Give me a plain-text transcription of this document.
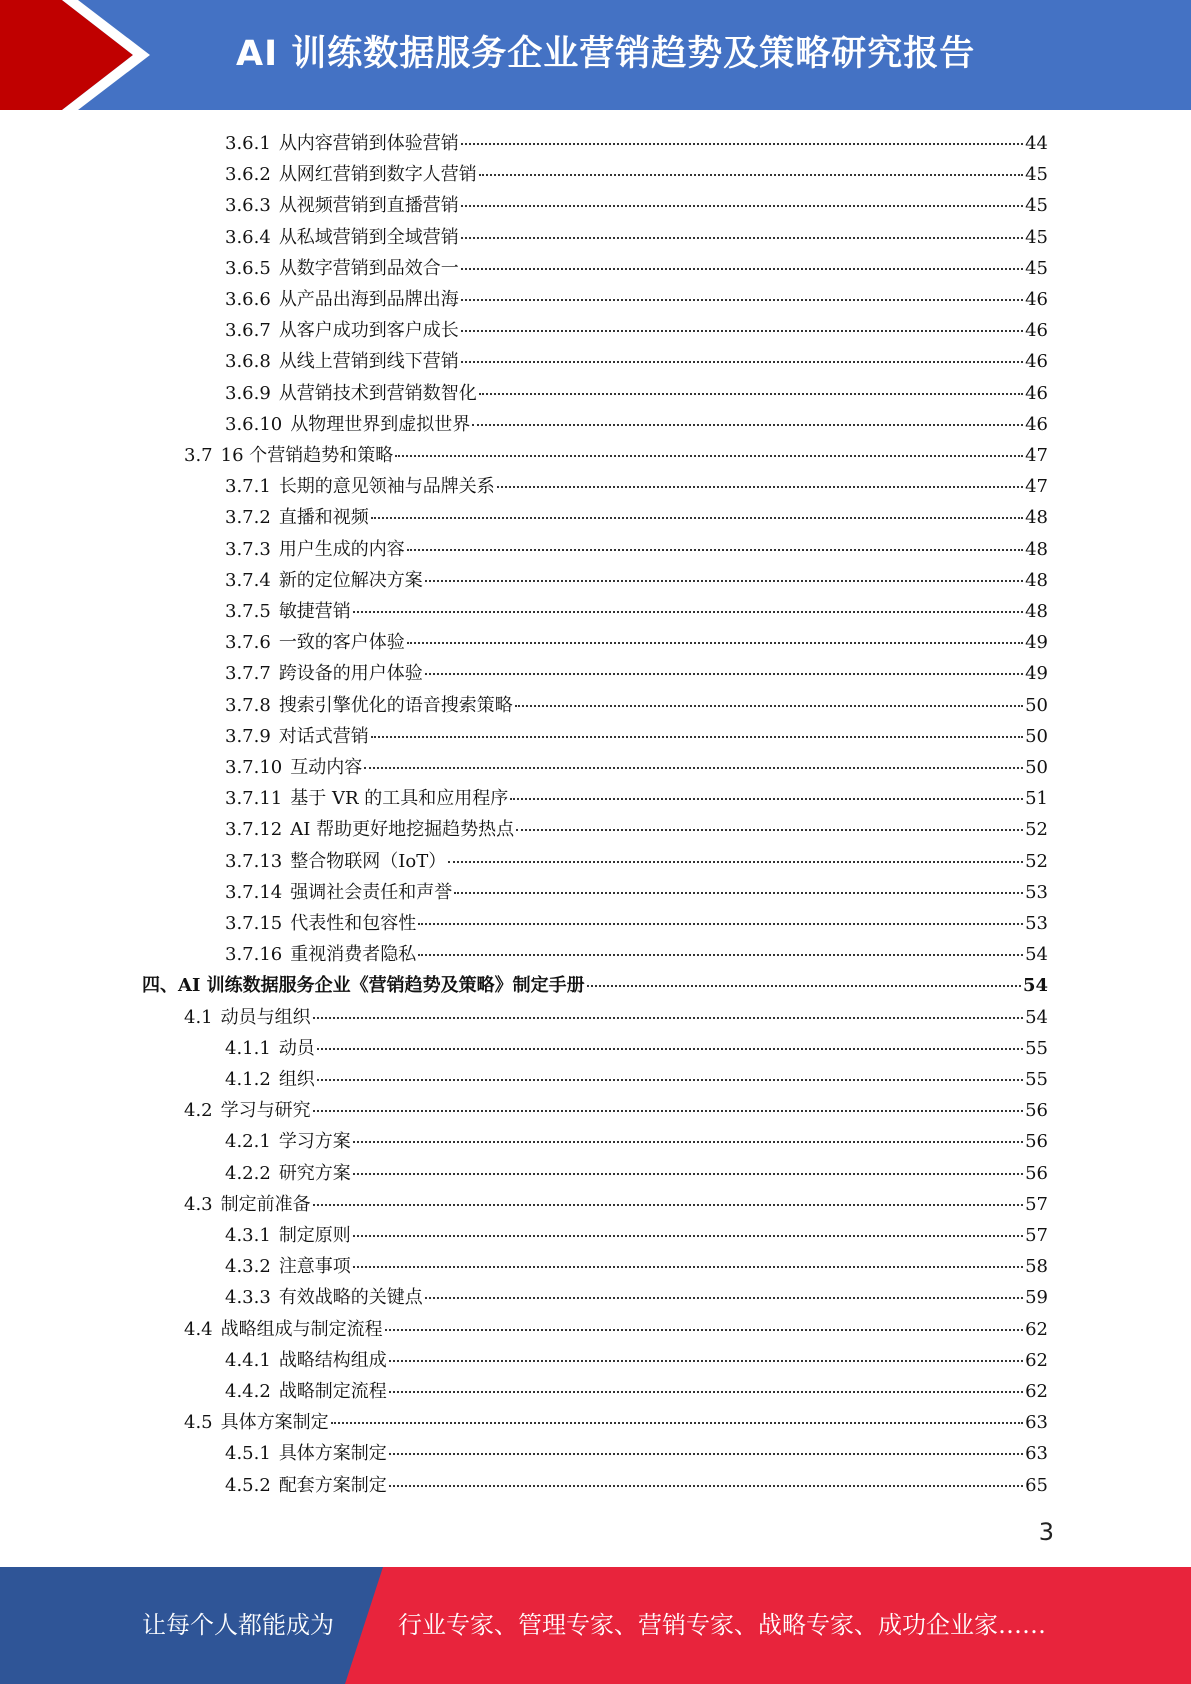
AI 训练数据服务企业营销趋势及策略研究报告
3.6.1 从内容营销到体验营销	44
3.6.2 从网红营销到数字人营销	45
3.6.3 从视频营销到直播营销	45
3.6.4 从私域营销到全域营销	45
3.6.5 从数字营销到品效合一	45
3.6.6 从产品出海到品牌出海	46
3.6.7 从客户成功到客户成长	46
3.6.8 从线上营销到线下营销	46
3.6.9 从营销技术到营销数智化	46
3.6.10 从物理世界到虚拟世界	46
3.7 16 个营销趋势和策略	47
3.7.1 长期的意见领袖与品牌关系	47
3.7.2 直播和视频	48
3.7.3 用户生成的内容	48
3.7.4 新的定位解决方案	48
3.7.5 敏捷营销	48
3.7.6 一致的客户体验	49
3.7.7 跨设备的用户体验	49
3.7.8 搜索引擎优化的语音搜索策略	50
3.7.9 对话式营销	50
3.7.10 互动内容	50
3.7.11 基于 VR 的工具和应用程序	51
3.7.12 AI 帮助更好地挖掘趋势热点	52
3.7.13 整合物联网（IoT）	52
3.7.14 强调社会责任和声誉	53
3.7.15 代表性和包容性	53
3.7.16 重视消费者隐私	54
四、 AI 训练数据服务企业《营销趋势及策略》制定手册	54
4.1 动员与组织	54
4.1.1 动员	55
4.1.2 组织	55
4.2 学习与研究	56
4.2.1 学习方案	56
4.2.2 研究方案	56
4.3 制定前准备	57
4.3.1 制定原则	57
4.3.2 注意事项	58
4.3.3 有效战略的关键点	59
4.4 战略组成与制定流程	62
4.4.1 战略结构组成	62
4.4.2 战略制定流程	62
4.5 具体方案制定	63
4.5.1 具体方案制定	63
4.5.2 配套方案制定	65
3
让每个人都能成为	行业专家、管理专家、营销专家、战略专家、成功企业家……
